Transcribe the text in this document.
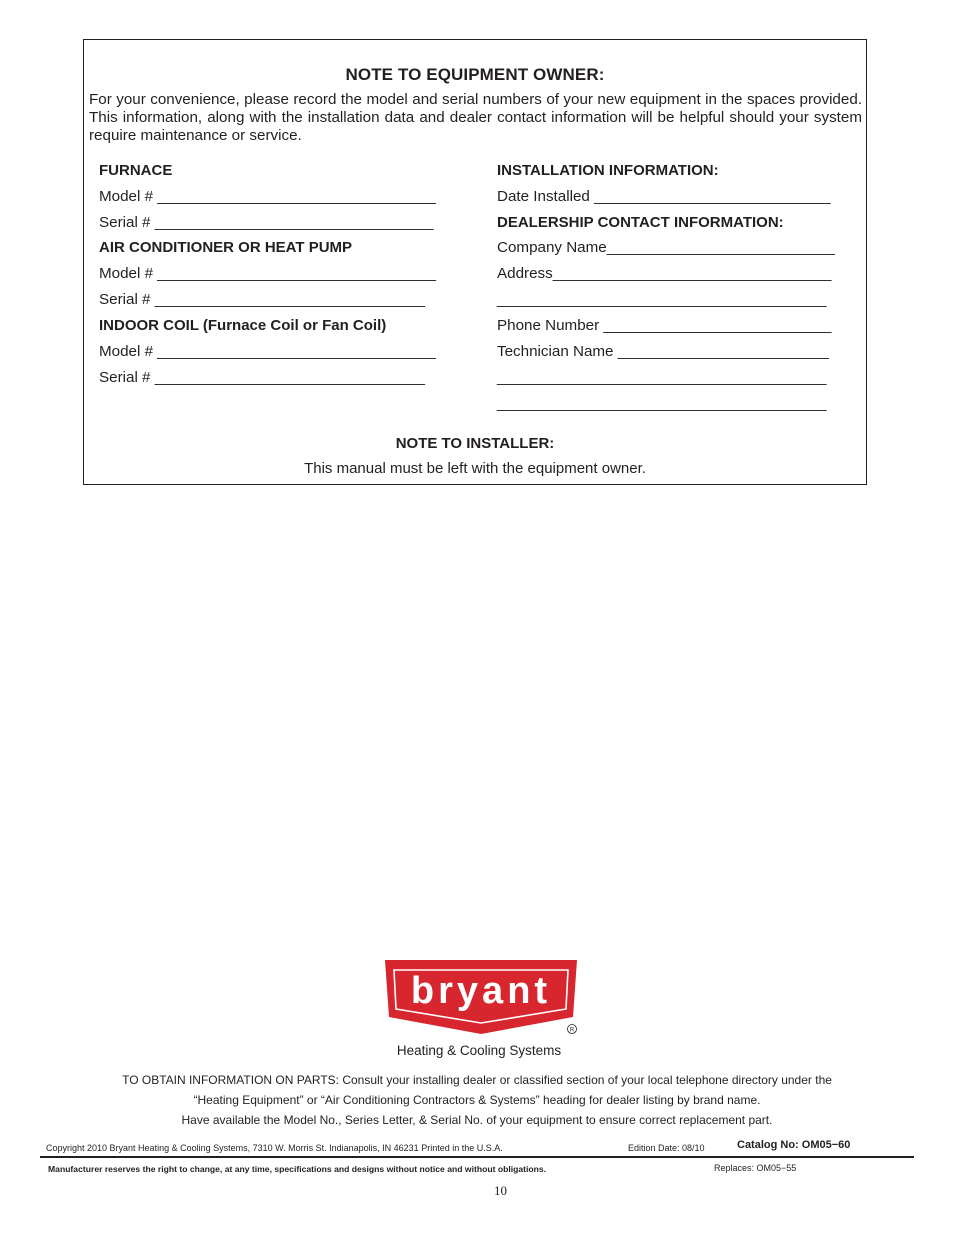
NOTE TO EQUIPMENT OWNER:
For your convenience, please record the model and serial numbers of your new equipment in the spaces provided. This information, along with the installation data and dealer contact information will be helpful should your system require maintenance or service.
FURNACE
Model # _________________________________
Serial # _________________________________
AIR CONDITIONER OR HEAT PUMP
Model # _________________________________
Serial # ________________________________
INDOOR COIL (Furnace Coil or Fan Coil)
Model # _________________________________
Serial # ________________________________
INSTALLATION INFORMATION:
Date Installed ____________________________
DEALERSHIP CONTACT INFORMATION:
Company Name___________________________
Address_________________________________
_______________________________________
Phone Number ___________________________
Technician Name _________________________
_______________________________________
_______________________________________
NOTE TO INSTALLER:
This manual must be left with the equipment owner.
bryant
R
Heating & Cooling Systems
TO OBTAIN INFORMATION ON PARTS: Consult your installing dealer or classified section of your local telephone directory under the
“Heating Equipment” or “Air Conditioning Contractors & Systems” heading for dealer listing by brand name.
Have available the Model No., Series Letter, & Serial No. of your equipment to ensure correct replacement part.
Copyright 2010 Bryant Heating & Cooling Systems, 7310 W. Morris St. Indianapolis, IN 46231 Printed in the U.S.A.	Edition Date: 08/10	Catalog No: OM05−60
Manufacturer reserves the right to change, at any time, specifications and designs without notice and without obligations.	Replaces: OM05−55
10
